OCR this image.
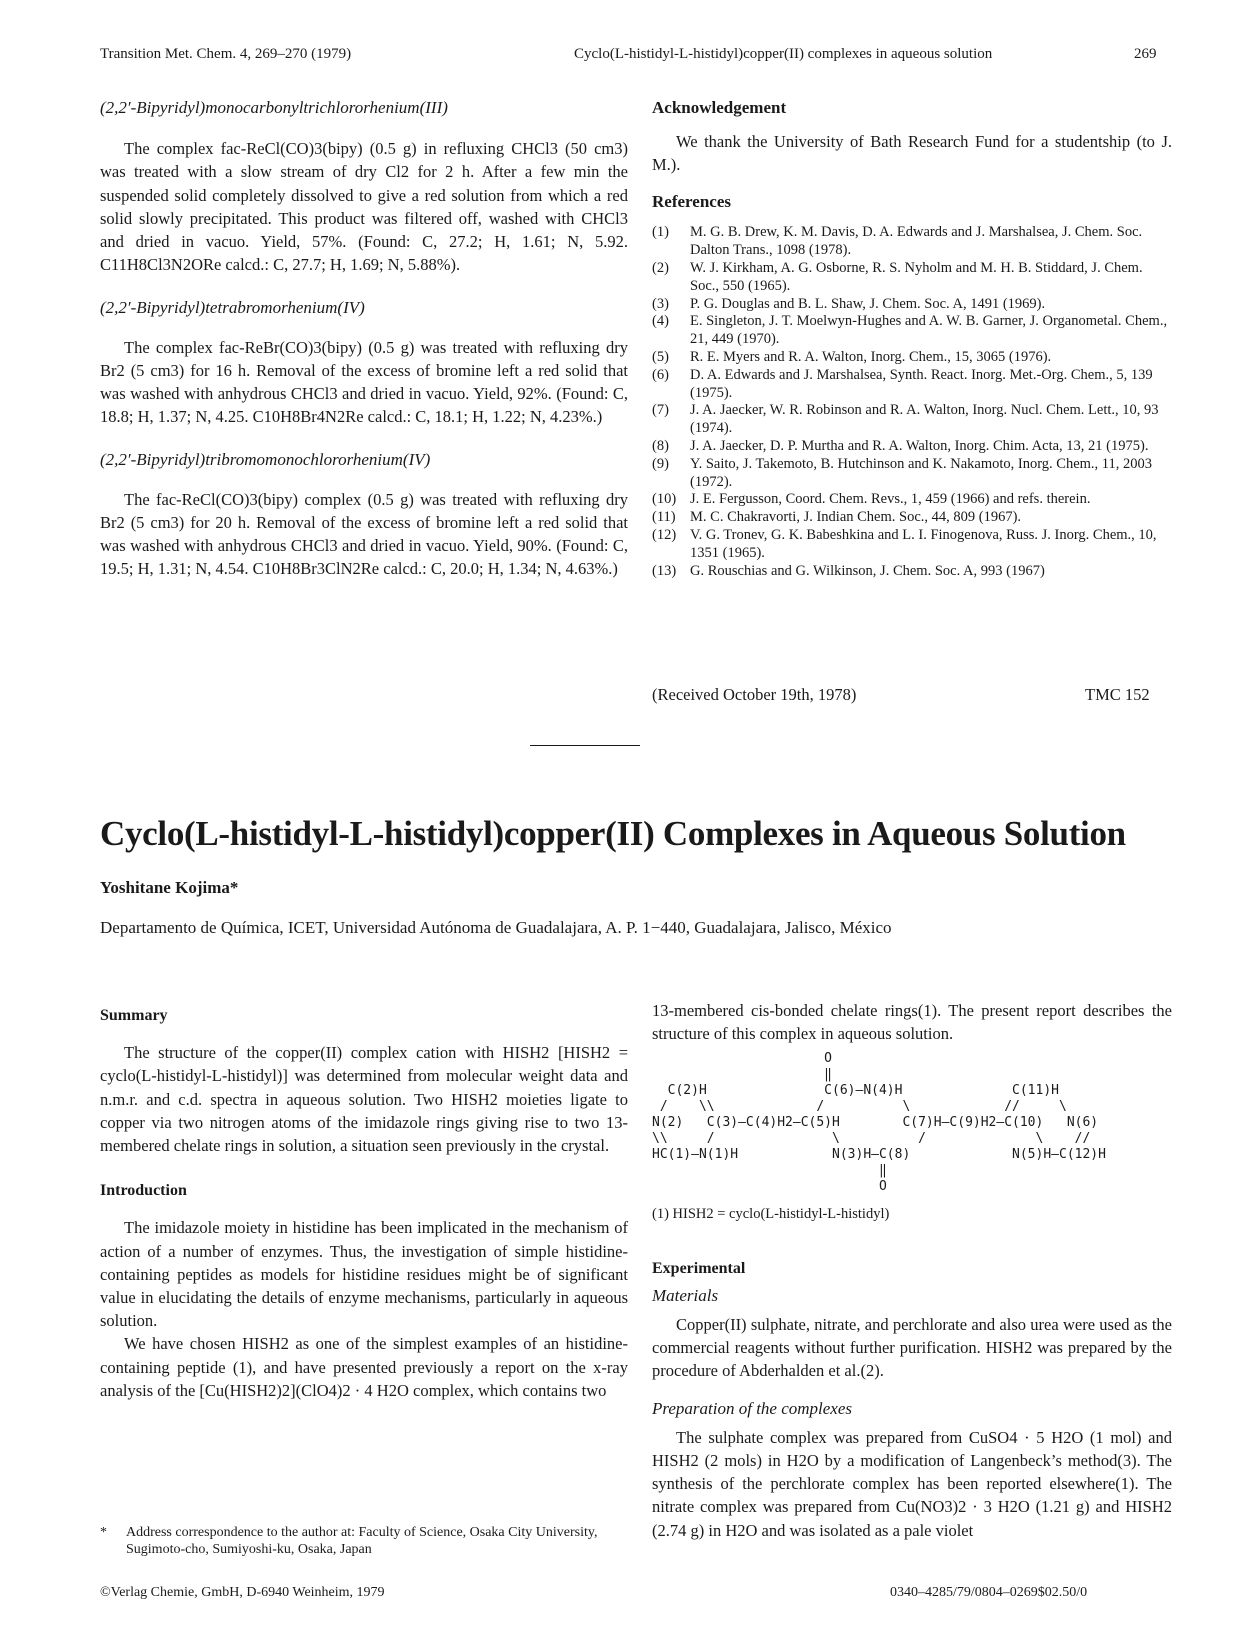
Transition Met. Chem. 4, 269–270 (1979)	Cyclo(L-histidyl-L-histidyl)copper(II) complexes in aqueous solution	269
(2,2′-Bipyridyl)monocarbonyltrichlororhenium(III)

The complex fac-ReCl(CO)3(bipy) (0.5 g) in refluxing CHCl3 (50 cm3) was treated with a slow stream of dry Cl2 for 2 h. After a few min the suspended solid completely dissolved to give a red solution from which a red solid slowly precipitated. This product was filtered off, washed with CHCl3 and dried in vacuo. Yield, 57%. (Found: C, 27.2; H, 1.61; N, 5.92. C11H8Cl3N2ORe calcd.: C, 27.7; H, 1.69; N, 5.88%).

(2,2′-Bipyridyl)tetrabromorhenium(IV)

The complex fac-ReBr(CO)3(bipy) (0.5 g) was treated with refluxing dry Br2 (5 cm3) for 16 h. Removal of the excess of bromine left a red solid that was washed with anhydrous CHCl3 and dried in vacuo. Yield, 92%. (Found: C, 18.8; H, 1.37; N, 4.25. C10H8Br4N2Re calcd.: C, 18.1; H, 1.22; N, 4.23%.)

(2,2′-Bipyridyl)tribromomonochlororhenium(IV)

The fac-ReCl(CO)3(bipy) complex (0.5 g) was treated with refluxing dry Br2 (5 cm3) for 20 h. Removal of the excess of bromine left a red solid that was washed with anhydrous CHCl3 and dried in vacuo. Yield, 90%. (Found: C, 19.5; H, 1.31; N, 4.54. C10H8Br3ClN2Re calcd.: C, 20.0; H, 1.34; N, 4.63%.)

Acknowledgement

We thank the University of Bath Research Fund for a studentship (to J. M.).

References
(1)	M. G. B. Drew, K. M. Davis, D. A. Edwards and J. Marshalsea, J. Chem. Soc. Dalton Trans., 1098 (1978).
(2)	W. J. Kirkham, A. G. Osborne, R. S. Nyholm and M. H. B. Stiddard, J. Chem. Soc., 550 (1965).
(3)	P. G. Douglas and B. L. Shaw, J. Chem. Soc. A, 1491 (1969).
(4)	E. Singleton, J. T. Moelwyn-Hughes and A. W. B. Garner, J. Organometal. Chem., 21, 449 (1970).
(5)	R. E. Myers and R. A. Walton, Inorg. Chem., 15, 3065 (1976).
(6)	D. A. Edwards and J. Marshalsea, Synth. React. Inorg. Met.-Org. Chem., 5, 139 (1975).
(7)	J. A. Jaecker, W. R. Robinson and R. A. Walton, Inorg. Nucl. Chem. Lett., 10, 93 (1974).
(8)	J. A. Jaecker, D. P. Murtha and R. A. Walton, Inorg. Chim. Acta, 13, 21 (1975).
(9)	Y. Saito, J. Takemoto, B. Hutchinson and K. Nakamoto, Inorg. Chem., 11, 2003 (1972).
(10) J. E. Fergusson, Coord. Chem. Revs., 1, 459 (1966) and refs. therein.
(11) M. C. Chakravorti, J. Indian Chem. Soc., 44, 809 (1967).
(12) V. G. Tronev, G. K. Babeshkina and L. I. Finogenova, Russ. J. Inorg. Chem., 10, 1351 (1965).
(13) G. Rouschias and G. Wilkinson, J. Chem. Soc. A, 993 (1967)
(Received October 19th, 1978)	TMC 152
Cyclo(L-histidyl-L-histidyl)copper(II) Complexes in Aqueous Solution
Yoshitane Kojima*
Departamento de Química, ICET, Universidad Autónoma de Guadalajara, A. P. 1−440, Guadalajara, Jalisco, México
Summary

The structure of the copper(II) complex cation with HISH2 [HISH2 = cyclo(L-histidyl-L-histidyl)] was determined from molecular weight data and n.m.r. and c.d. spectra in aqueous solution. Two HISH2 moieties ligate to copper via two nitrogen atoms of the imidazole rings giving rise to two 13-membered chelate rings in solution, a situation seen previously in the crystal.

Introduction

The imidazole moiety in histidine has been implicated in the mechanism of action of a number of enzymes. Thus, the investigation of simple histidine-containing peptides as models for histidine residues might be of significant value in elucidating the details of enzyme mechanisms, particularly in aqueous solution.

We have chosen HISH2 as one of the simplest examples of an histidine-containing peptide (1), and have presented previously a report on the x-ray analysis of the [Cu(HISH2)2](ClO4)2 · 4 H2O complex, which contains two

*	Address correspondence to the author at: Faculty of Science, Osaka City University, Sugimoto-cho, Sumiyoshi-ku, Osaka, Japan

13-membered cis-bonded chelate rings(1). The present report describes the structure of this complex in aqueous solution.

O
‖
C(2)H               C(6)–N(4)H              C(11)H
/    \\             /          \            //     \
N(2)   C(3)–C(4)H2–C(5)H        C(7)H–C(9)H2–C(10)   N(6)
\\     /               \          /              \    //
HC(1)–N(1)H            N(3)H–C(8)             N(5)H–C(12)H
‖
O
(1) HISH2 = cyclo(L-histidyl-L-histidyl)
Experimental
Materials

Copper(II) sulphate, nitrate, and perchlorate and also urea were used as the commercial reagents without further purification. HISH2 was prepared by the procedure of Abderhalden et al.(2).

Preparation of the complexes

The sulphate complex was prepared from CuSO4 · 5 H2O (1 mol) and HISH2 (2 mols) in H2O by a modification of Langenbeck’s method(3). The synthesis of the perchlorate complex has been reported elsewhere(1). The nitrate complex was prepared from Cu(NO3)2 · 3 H2O (1.21 g) and HISH2 (2.74 g) in H2O and was isolated as a pale violet

©Verlag Chemie, GmbH, D-6940 Weinheim, 1979	0340–4285/79/0804–0269$02.50/0
